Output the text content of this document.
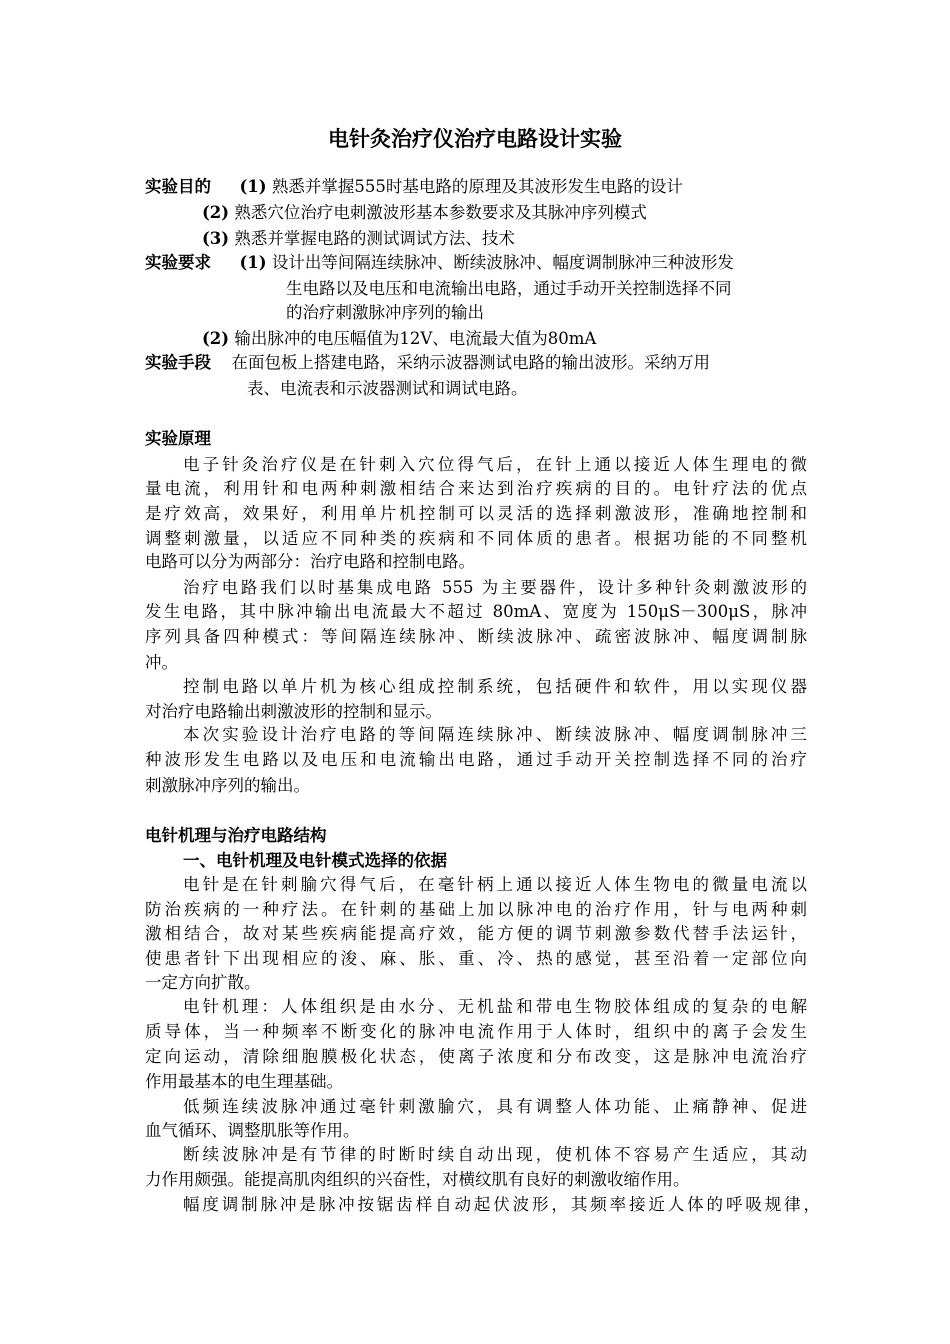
电针灸治疗仪治疗电路设计实验
实验目的 (1) 熟悉并掌握555时基电路的原理及其波形发生电路的设计
(2) 熟悉穴位治疗电刺激波形基本参数要求及其脉冲序列模式
(3) 熟悉并掌握电路的测试调试方法、技术
实验要求 (1) 设计出等间隔连续脉冲、断续波脉冲、幅度调制脉冲三种波形发
生电路以及电压和电流输出电路，通过手动开关控制选择不同
的治疗刺激脉冲序列的输出
(2) 输出脉冲的电压幅值为12V、电流最大值为80mA
实验手段 在面包板上搭建电路，采纳示波器测试电路的输出波形。采纳万用
表、电流表和示波器测试和调试电路。
实验原理
电子针灸治疗仪是在针刺入穴位得气后，在针上通以接近人体生理电的微
量电流，利用针和电两种刺激相结合来达到治疗疾病的目的。电针疗法的优点
是疗效高，效果好，利用单片机控制可以灵活的选择刺激波形，准确地控制和
调整刺激量，以适应不同种类的疾病和不同体质的患者。根据功能的不同整机
电路可以分为两部分：治疗电路和控制电路。
治疗电路我们以时基集成电路 555 为主要器件，设计多种针灸刺激波形的
发生电路，其中脉冲输出电流最大不超过 80mA、宽度为 150μS－300μS，脉冲
序列具备四种模式：等间隔连续脉冲、断续波脉冲、疏密波脉冲、幅度调制脉
冲。
控制电路以单片机为核心组成控制系统，包括硬件和软件，用以实现仪器
对治疗电路输出刺激波形的控制和显示。
本次实验设计治疗电路的等间隔连续脉冲、断续波脉冲、幅度调制脉冲三
种波形发生电路以及电压和电流输出电路，通过手动开关控制选择不同的治疗
刺激脉冲序列的输出。
电针机理与治疗电路结构
一、电针机理及电针模式选择的依据
电针是在针刺腧穴得气后，在毫针柄上通以接近人体生物电的微量电流以
防治疾病的一种疗法。在针刺的基础上加以脉冲电的治疗作用，针与电两种刺
激相结合，故对某些疾病能提高疗效，能方便的调节刺激参数代替手法运针，
使患者针下出现相应的浚、麻、胀、重、冷、热的感觉，甚至沿着一定部位向
一定方向扩散。
电针机理：人体组织是由水分、无机盐和带电生物胶体组成的复杂的电解
质导体，当一种频率不断变化的脉冲电流作用于人体时，组织中的离子会发生
定向运动，清除细胞膜极化状态，使离子浓度和分布改变，这是脉冲电流治疗
作用最基本的电生理基础。
低频连续波脉冲通过毫针刺激腧穴，具有调整人体功能、止痛静神、促进
血气循环、调整肌胀等作用。
断续波脉冲是有节律的时断时续自动出现，使机体不容易产生适应，其动
力作用颇强。能提高肌肉组织的兴奋性，对横纹肌有良好的刺激收缩作用。
幅度调制脉冲是脉冲按锯齿样自动起伏波形，其频率接近人体的呼吸规律，
